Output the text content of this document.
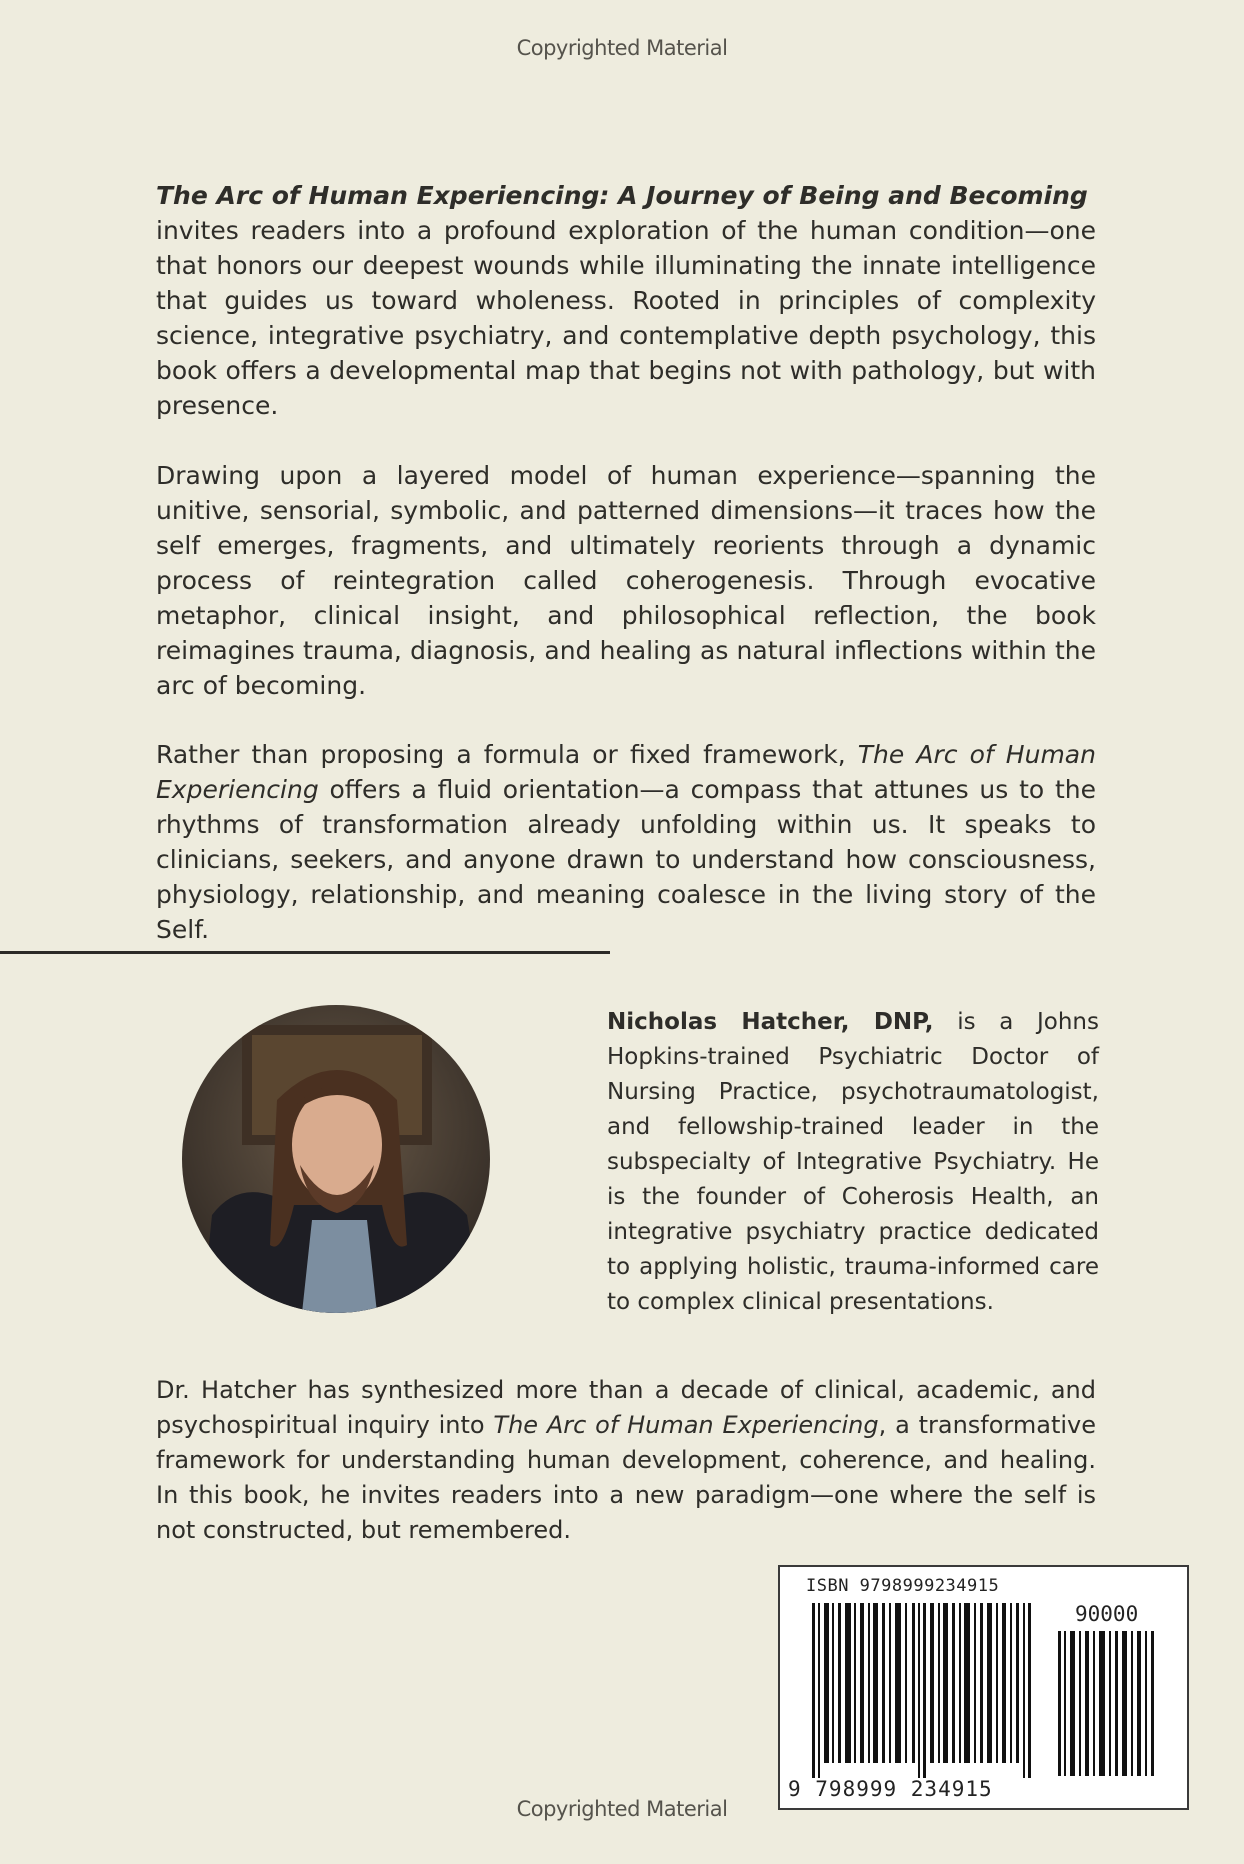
Copyrighted Material
The Arc of Human Experiencing: A Journey of Being and Becoming
invites readers into a profound exploration of the human condition—one that honors our deepest wounds while illuminating the innate intelligence that guides us toward wholeness. Rooted in principles of complexity science, integrative psychiatry, and contemplative depth psychology, this book offers a developmental map that begins not with pathology, but with presence.
Drawing upon a layered model of human experience—spanning the unitive, sensorial, symbolic, and patterned dimensions—it traces how the self emerges, fragments, and ultimately reorients through a dynamic process of reintegration called coherogenesis. Through evocative metaphor, clinical insight, and philosophical reflection, the book reimagines trauma, diagnosis, and healing as natural inflections within the arc of becoming.
Rather than proposing a formula or fixed framework, The Arc of Human Experiencing offers a fluid orientation—a compass that attunes us to the rhythms of transformation already unfolding within us. It speaks to clinicians, seekers, and anyone drawn to understand how consciousness, physiology, relationship, and meaning coalesce in the living story of the Self.
Nicholas Hatcher, DNP, is a Johns Hopkins-trained Psychiatric Doctor of Nursing Practice, psychotraumatologist, and fellowship-trained leader in the subspecialty of Integrative Psychiatry. He is the founder of Coherosis Health, an integrative psychiatry practice dedicated to applying holistic, trauma-informed care to complex clinical presentations.
Dr. Hatcher has synthesized more than a decade of clinical, academic, and psychospiritual inquiry into The Arc of Human Experiencing, a transformative framework for understanding human development, coherence, and healing. In this book, he invites readers into a new paradigm—one where the self is not constructed, but remembered.
ISBN 9798999234915
90000
9 798999 234915
Copyrighted Material
